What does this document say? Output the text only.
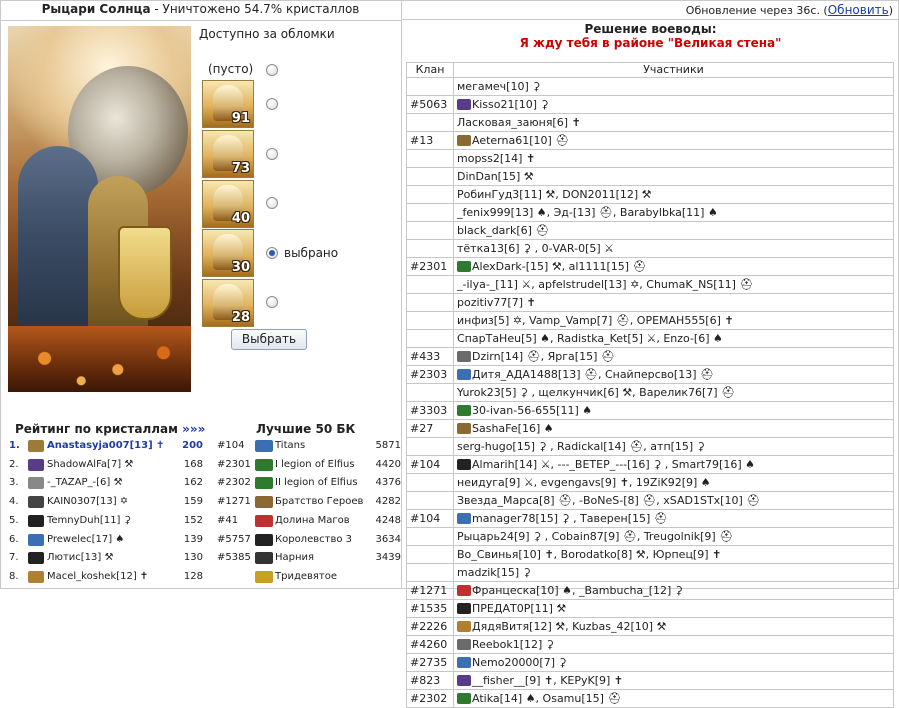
Рыцари Солнца - Уничтожено 54.7% кристаллов
Доступно за обломки
(пусто)
91
73
40
30
выбрано
28
Выбрать
Рейтинг по кристаллам »»»	Лучшие 50 БК
1.	Anastasyja007[13] ✝	200 #104	Titans	5871
2.	ShadowAlFa[7] ⚒	168 #2301 I legion of Elfius	4420
3.	-_TAZAP_-[6] ⚒	162 #2302 II legion of Elfius	4376
4.	KAIN0307[13] ✡	159 #1271 Братство Героев	4282
5.	TemnyDuh[11] ⚳	152 #41	Долина Магов	4248
6.	Prewelec[17] ♠	139 #5757 Королевство 3	3634
7.	Лютис[13] ⚒	130 #5385 Нарния	3439
8.	Macel_koshek[12] ✝	128	Тридевятое
Обновление через 36с. (Обновить)
Решение воеводы:
Я жду тебя в районе "Великая стена"
Клан	Участники
	мегамеч[10] ⚳
#5063	Kisso21[10] ⚳
	Ласковая_заюня[6] ✝
#13	Aeterna61[10] ⛑
	mopss2[14] ✝
	DinDan[15] ⚒
	РобинГуд3[11] ⚒, DON2011[12] ⚒
	_fenix999[13] ♠, Эд-[13] ⛑, Barabylbka[11] ♠
	black_dark[6] ⛑
	тётка13[6] ⚳ , 0-VAR-0[5] ⚔
#2301	AlexDark-[15] ⚒, al1111[15] ⛑
	_-ilya-_[11] ⚔, apfelstrudel[13] ✡, ChumaK_NS[11] ⛑
	pozitiv77[7] ✝
	инфиз[5] ✡, Vamp_Vamp[7] ⛑, OPEMAH555[6] ✝
	СпарТаНеu[5] ♠, Radistka_Ket[5] ⚔, Enzo-[6] ♠
#433	Dzirn[14] ⛑, Ярга[15] ⛑
#2303	Дитя_АДА1488[13] ⛑, Снайперсво[13] ⛑
	Yurok23[5] ⚳ , щелкунчик[6] ⚒, Варелик76[7] ⛑
#3303	30-ivan-56-655[11] ♠
#27	SashaFe[16] ♠
	serg-hugo[15] ⚳ , Radickal[14] ⛑, атп[15] ⚳
#104	Almarih[14] ⚔, ---_BETEP_---[16] ⚳ , Smart79[16] ♠
	неидуга[9] ⚔, evgengavs[9] ✝, 19ZiK92[9] ♠
	Звезда_Марса[8] ⛑, -BoNeS-[8] ⛑, xSAD1STx[10] ⛑
#104	manager78[15] ⚳ , Таверен[15] ⛑
	Рыцарь24[9] ⚳ , Cobain87[9] ⛑, Treugolnik[9] ⛑
	Во_Свинья[10] ✝, Borodatko[8] ⚒, Юрпец[9] ✝
	madzik[15] ⚳
#1271	Францеска[10] ♠, _Bambucha_[12] ⚳
#1535	ПРЕДАТ0Р[11] ⚒
#2226	ДядяВитя[12] ⚒, Kuzbas_42[10] ⚒
#4260	Reebok1[12] ⚳
#2735	Nemo20000[7] ⚳
#823	__fisher__[9] ✝, KEPyK[9] ✝
#2302	Atika[14] ♠, Osamu[15] ⛑
